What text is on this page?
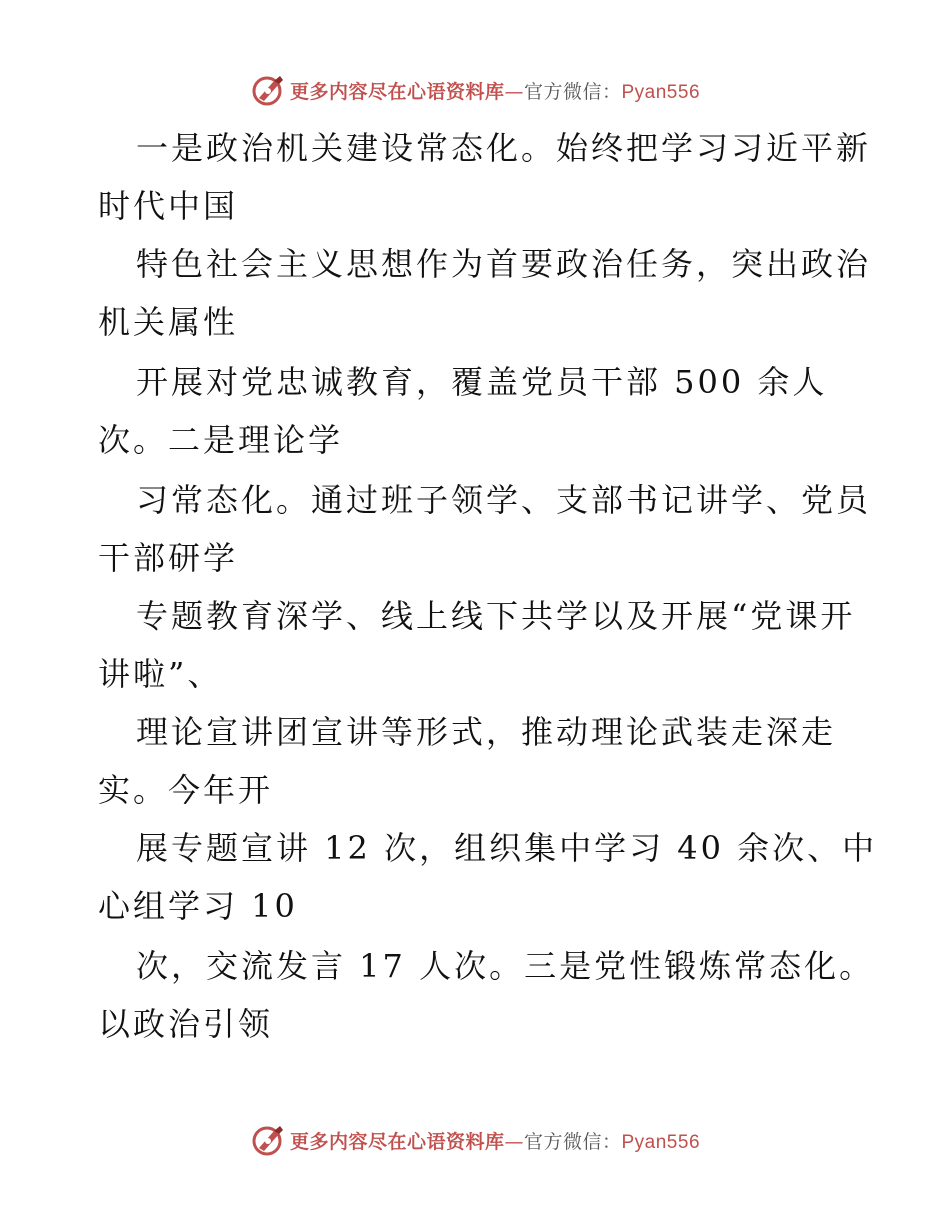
更多内容尽在心语资料库—官方微信：Pyan556
一是政治机关建设常态化。始终把学习习近平新
时代中国
特色社会主义思想作为首要政治任务，突出政治
机关属性
开展对党忠诚教育，覆盖党员干部 500 余人
次。二是理论学
习常态化。通过班子领学、支部书记讲学、党员
干部研学
专题教育深学、线上线下共学以及开展“党课开
讲啦”、
理论宣讲团宣讲等形式，推动理论武装走深走
实。今年开
展专题宣讲 12 次，组织集中学习 40 余次、中
心组学习 10
次，交流发言 17 人次。三是党性锻炼常态化。
以政治引领
更多内容尽在心语资料库—官方微信：Pyan556
